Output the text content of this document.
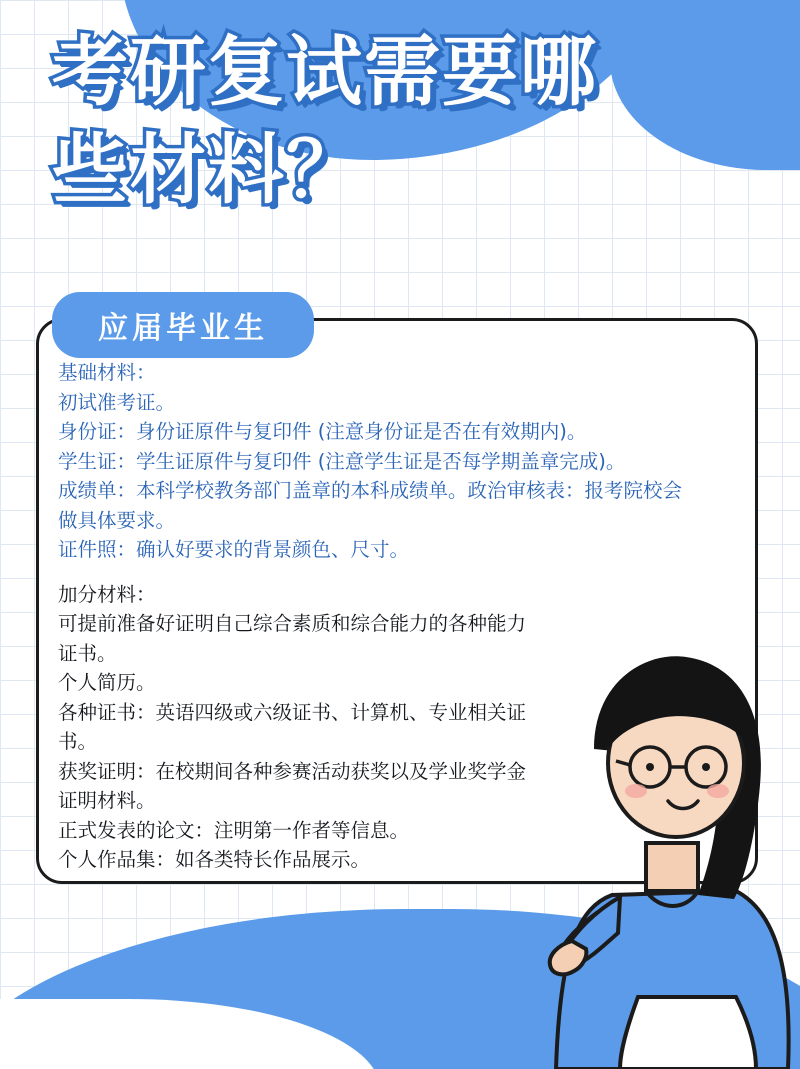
考研复试需要哪
些材料？
应届毕业生
基础材料：
初试准考证。
身份证：身份证原件与复印件 (注意身份证是否在有效期内)。
学生证：学生证原件与复印件 (注意学生证是否每学期盖章完成)。
成绩单：本科学校教务部门盖章的本科成绩单。政治审核表：报考院校会
做具体要求。
证件照：确认好要求的背景颜色、尺寸。
加分材料：
可提前准备好证明自己综合素质和综合能力的各种能力
证书。
个人简历。
各种证书：英语四级或六级证书、计算机、专业相关证
书。
获奖证明：在校期间各种参赛活动获奖以及学业奖学金
证明材料。
正式发表的论文：注明第一作者等信息。
个人作品集：如各类特长作品展示。
